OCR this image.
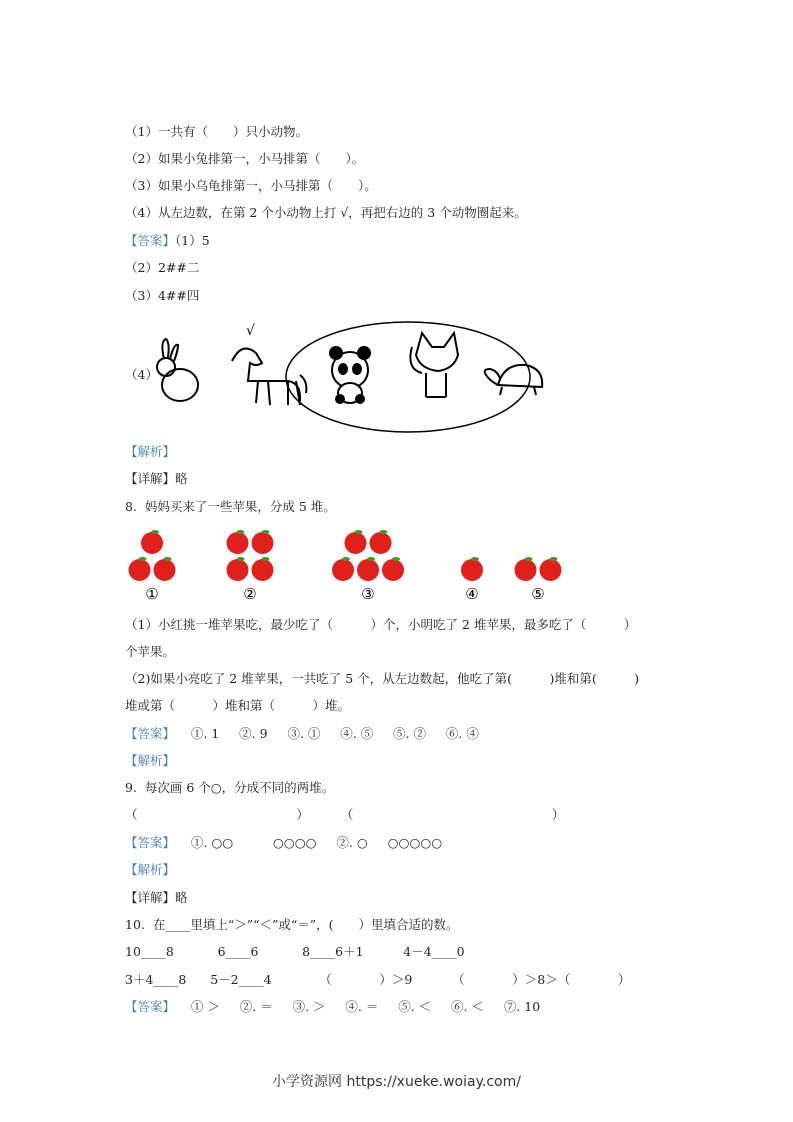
（1）一共有（　　）只小动物。
（2）如果小兔排第一，小马排第（　　）。
（3）如果小乌龟排第一，小马排第（　　）。
（4）从左边数，在第 2 个小动物上打 √，再把右边的 3 个动物圈起来。
【答案】（1）5
（2）2##二
（3）4##四
（4）
√
【解析】
【详解】略
8.  妈妈买来了一些苹果，分成 5 堆。
①	②	③	④	⑤
（1）小红挑一堆苹果吃，最少吃了（　　　）个，小明吃了 2 堆苹果，最多吃了（　　　）
个苹果。
（2)如果小亮吃了 2 堆苹果，一共吃了 5 个，从左边数起，他吃了第(　　　)堆和第(　　　)
堆或第（　　　）堆和第（　　　）堆。
【答案】    ①. 1     ②. 9     ③. ①     ④. ⑤     ⑤. ②     ⑥. ④
【解析】
9.  每次画 6 个○，分成不同的两堆。
（                                        ）        （                                                  ）
【答案】    ①. ○○          ○○○○     ②. ○     ○○○○○
【解析】
【详解】略
10.  在____里填上“＞”“＜”或“＝”，(　　）里填合适的数。
10____8           6____6           8____6＋1          4－4____0
3＋4____8      5－2____4            （            ）＞9          （            ）＞8＞（            ）
【答案】    ① ＞     ②. ＝     ③. ＞     ④. ＝     ⑤. ＜     ⑥. ＜     ⑦. 10
小学资源网 https://xueke.woiay.com/
